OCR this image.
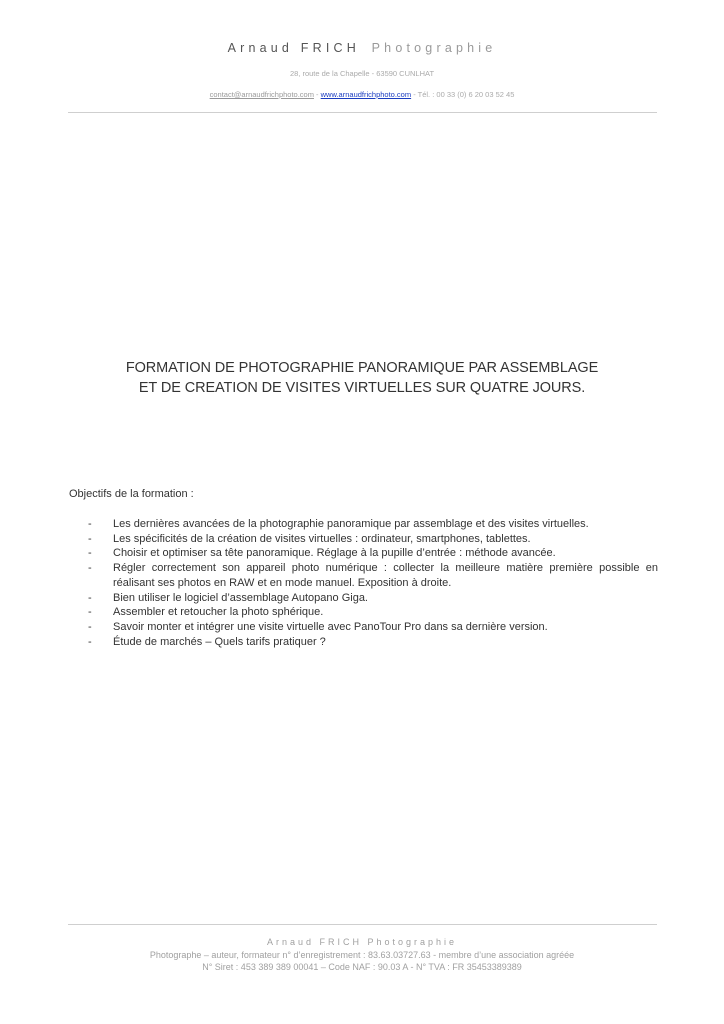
Arnaud FRICH Photographie
28, route de la Chapelle - 63590 CUNLHAT
contact@arnaudfrichphoto.com - www.arnaudfrichphoto.com - Tél. : 00 33 (0) 6 20 03 52 45
FORMATION DE PHOTOGRAPHIE PANORAMIQUE PAR ASSEMBLAGE
ET DE CREATION DE VISITES VIRTUELLES SUR QUATRE JOURS.
Objectifs de la formation :
- Les dernières avancées de la photographie panoramique par assemblage et des visites virtuelles.
- Les spécificités de la création de visites virtuelles : ordinateur, smartphones, tablettes.
- Choisir et optimiser sa tête panoramique. Réglage à la pupille d’entrée : méthode avancée.
- Régler correctement son appareil photo numérique : collecter la meilleure matière première possible en réalisant ses photos en RAW et en mode manuel. Exposition à droite.
- Bien utiliser le logiciel d’assemblage Autopano Giga.
- Assembler et retoucher la photo sphérique.
- Savoir monter et intégrer une visite virtuelle avec PanoTour Pro dans sa dernière version.
- Étude de marchés – Quels tarifs pratiquer ?
Arnaud FRICH Photographie
Photographe – auteur, formateur n° d’enregistrement : 83.63.03727.63 - membre d’une association agréée
N° Siret : 453 389 389 00041 – Code NAF : 90.03 A - N° TVA : FR 35453389389
